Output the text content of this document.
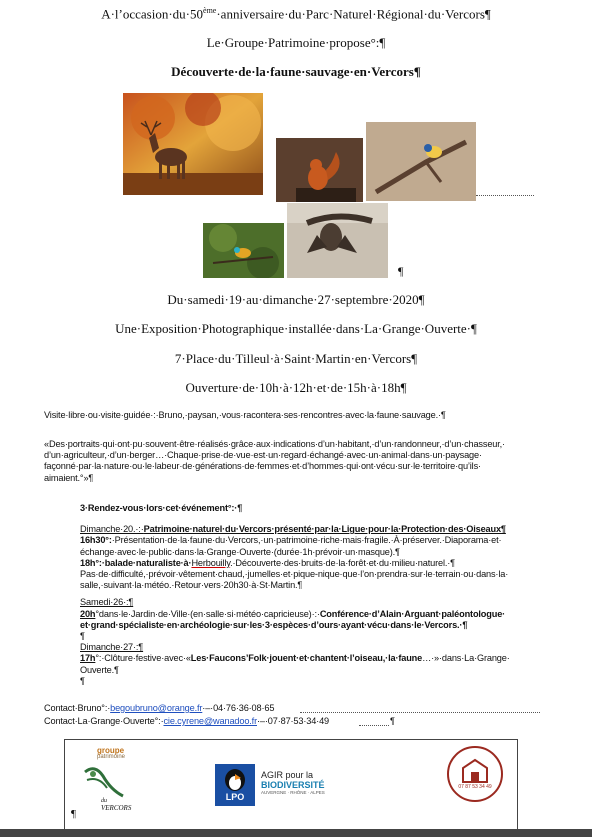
A·l’occasion·du·50ème·anniversaire·du·Parc·Naturel·Régional·du·Vercors¶
Le·Groupe·Patrimoine·propose°:¶
Découverte·de·la·faune·sauvage·en·Vercors¶
¶
Du·samedi·19·au·dimanche·27·septembre·2020¶
Une·Exposition·Photographique·installée·dans·La·Grange·Ouverte·¶
7·Place·du·Tilleul·à·Saint·Martin·en·Vercors¶
Ouverture·de·10h·à·12h·et·de·15h·à·18h¶
Visite·libre·ou·visite·guidée·:·Bruno,·paysan,·vous·racontera·ses·rencontres·avec·la·faune·sauvage.·¶
«Des·portraits·qui·ont·pu·souvent·être·réalisés·grâce·aux·indications·d’un·habitant,·d’un·randonneur,·d’un·chasseur,·
d’un·agriculteur,·d’un·berger…·Chaque·prise·de·vue·est·un·regard·échangé·avec·un·animal·dans·un·paysage·
façonné·par·la·nature·ou·le·labeur·de·générations·de·femmes·et·d’hommes·qui·ont·vécu·sur·le·territoire·qu’ils·
aimaient.°»¶
3·Rendez-vous·lors·cet·événement°:·¶
Dimanche·20.·:·Patrimoine·naturel·du·Vercors·présenté·par·la·Ligue·pour·la·Protection·des·Oiseaux¶
16h30°:·Présentation·de·la·faune·du·Vercors,·un·patrimoine·riche·mais·fragile.·À·préserver.·Diaporama·et·
échange·avec·le·public·dans·la·Grange·Ouverte·(durée·1h·prévoir·un·masque).¶
18h°:·balade·naturaliste·à·Herbouilly.·Découverte·des·bruits·de·la·forêt·et·du·milieu·naturel.·¶
Pas·de·difficulté,·prévoir·vêtement·chaud,·jumelles·et·pique-nique·que·l’on·prendra·sur·le·terrain·ou·dans·la·
salle,·suivant·la·météo.·Retour·vers·20h30·à·St·Martin.¶
Samedi·26·:¶
20h°dans·le·Jardin·de·Ville·(en·salle·si·météo·capricieuse)·:·Conférence·d’Alain·Arguant·paléontologue·
et·grand·spécialiste·en·archéologie·sur·les·3·espèces·d’ours·ayant·vécu·dans·le·Vercors.·¶
¶
Dimanche·27·:¶
17h°:·Clôture·festive·avec·«Les·Faucons’Folk·jouent·et·chantent·l’oiseau,·la·faune…·»·dans·La·Grange·
Ouverte.¶
¶
Contact·Bruno°:·begoubruno@orange.fr·–·04·76·36·08·65
Contact·La·Grange·Ouverte°:·cie.cyrene@wanadoo.fr·–·07·87·53·34·49	¶
groupe
patrimoine
du
VERCORS
LPO
AGIR pour la
BIODIVERSITÉ
AUVERGNE · RHÔNE · ALPES
07 87 53 34 49
¶
